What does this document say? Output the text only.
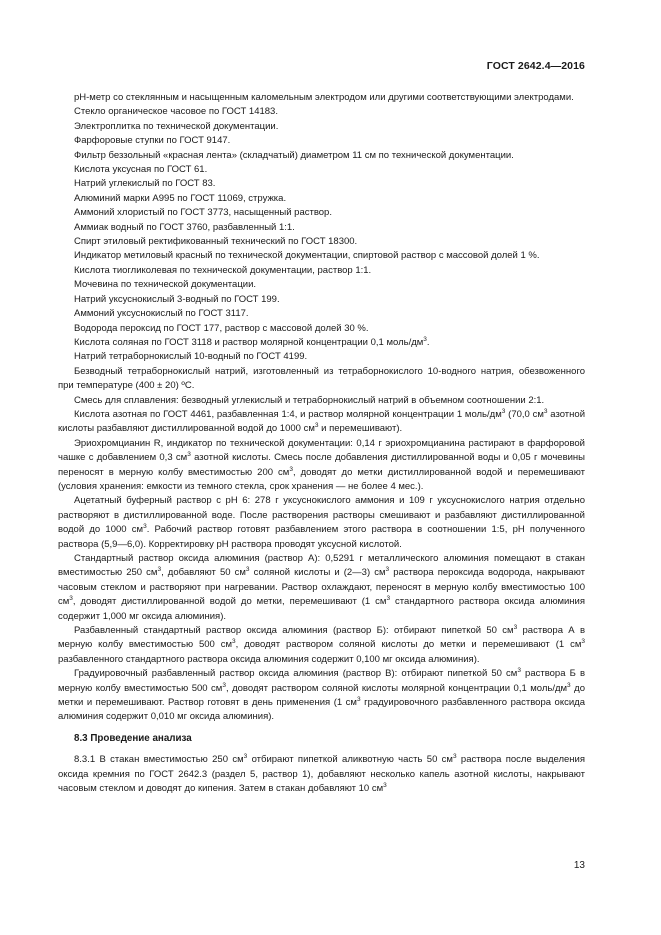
ГОСТ 2642.4—2016

рН-метр со стеклянным и насыщенным каломельным электродом или другими соответствующими электродами.

Стекло органическое часовое по ГОСТ 14183.

Электроплитка по технической документации.

Фарфоровые ступки по ГОСТ 9147.

Фильтр беззольный «красная лента» (складчатый) диаметром 11 см по технической документации.

Кислота уксусная по ГОСТ 61.

Натрий углекислый по ГОСТ 83.

Алюминий марки А995 по ГОСТ 11069, стружка.

Аммоний хлористый по ГОСТ 3773, насыщенный раствор.

Аммиак водный по ГОСТ 3760, разбавленный 1:1.

Спирт этиловый ректификованный технический по ГОСТ 18300.

Индикатор метиловый красный по технической документации, спиртовой раствор с массовой долей 1 %.

Кислота тиогликолевая по технической документации, раствор 1:1.

Мочевина по технической документации.

Натрий уксуснокислый 3-водный по ГОСТ 199.

Аммоний уксуснокислый по ГОСТ 3117.

Водорода пероксид по ГОСТ 177, раствор с массовой долей 30 %.

Кислота соляная по ГОСТ 3118 и раствор молярной концентрации 0,1 моль/$дм^3$.

Натрий тетраборнокислый 10-водный по ГОСТ 4199.

Безводный тетраборнокислый натрий, изготовленный из тетраборнокислого 10-водного натрия, обезвоженного при температуре (400 ± 20) ºС.

Смесь для сплавления: безводный углекислый и тетраборнокислый натрий в объемном соотношении 2:1.

Кислота азотная по ГОСТ 4461, разбавленная 1:4, и раствор молярной концентрации 1 моль/$дм^3$ (70,0 $см^3$ азотной кислоты разбавляют дистиллированной водой до 1000 $см^3$ и перемешивают).

Эриохромцианин R, индикатор по технической документации: 0,14 г эриохромцианина растирают в фарфоровой чашке с добавлением 0,3 $см^3$ азотной кислоты. Смесь после добавления дистиллированной воды и 0,05 г мочевины переносят в мерную колбу вместимостью 200 $см^3$, доводят до метки дистиллированной водой и перемешивают (условия хранения: емкости из темного стекла, срок хранения — не более 4 мес.).

Ацетатный буферный раствор с рН 6: 278 г уксуснокислого аммония и 109 г уксуснокислого натрия отдельно растворяют в дистиллированной воде. После растворения растворы смешивают и разбавляют дистиллированной водой до 1000 $см^3$. Рабочий раствор готовят разбавлением этого раствора в соотношении 1:5, рН полученного раствора (5,9—6,0). Корректировку рН раствора проводят уксусной кислотой.

Стандартный раствор оксида алюминия (раствор А): 0,5291 г металлического алюминия помещают в стакан вместимостью 250 $см^3$, добавляют 50 $см^3$ соляной кислоты и (2—3) $см^3$ раствора пероксида водорода, накрывают часовым стеклом и растворяют при нагревании. Раствор охлаждают, переносят в мерную колбу вместимостью 100 $см^3$, доводят дистиллированной водой до метки, перемешивают (1 $см^3$ стандартного раствора оксида алюминия содержит 1,000 мг оксида алюминия).

Разбавленный стандартный раствор оксида алюминия (раствор Б): отбирают пипеткой 50 $см^3$ раствора А в мерную колбу вместимостью 500 $см^3$, доводят раствором соляной кислоты до метки и перемешивают (1 $см^3$ разбавленного стандартного раствора оксида алюминия содержит 0,100 мг оксида алюминия).

Градуировочный разбавленный раствор оксида алюминия (раствор В): отбирают пипеткой 50 $см^3$ раствора Б в мерную колбу вместимостью 500 $см^3$, доводят раствором соляной кислоты молярной концентрации 0,1 моль/$дм^3$ до метки и перемешивают. Раствор готовят в день применения (1 $см^3$ градуировочного разбавленного раствора оксида алюминия содержит 0,010 мг оксида алюминия).

8.3 Проведение анализа

8.3.1 В стакан вместимостью 250 $см^3$ отбирают пипеткой аликвотную часть 50 $см^3$ раствора после выделения оксида кремния по ГОСТ 2642.3 (раздел 5, раствор 1), добавляют несколько капель азотной кислоты, накрывают часовым стеклом и доводят до кипения. Затем в стакан добавляют 10 $см^3$

13
